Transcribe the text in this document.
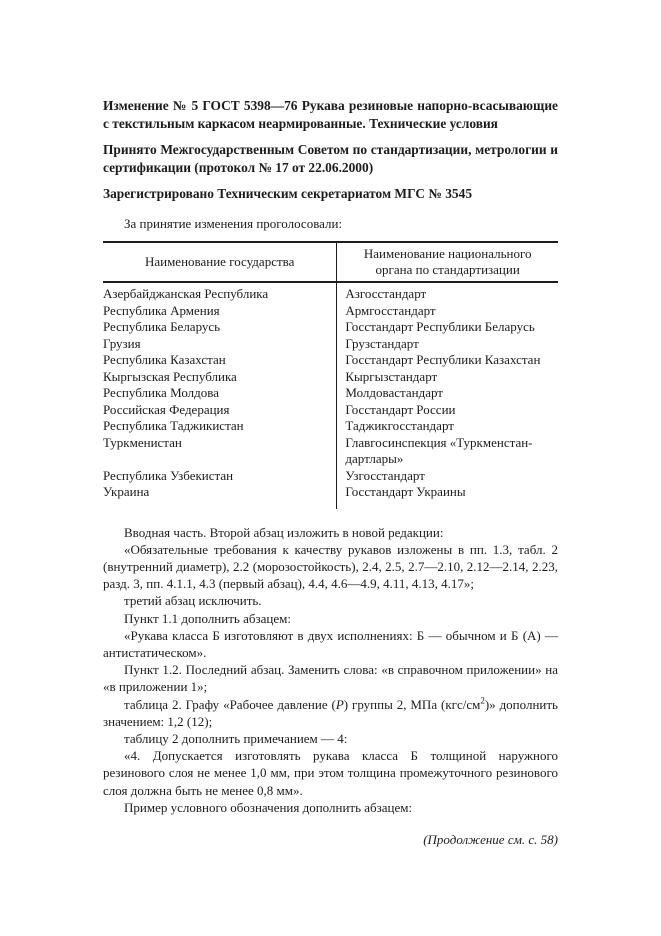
Изменение № 5 ГОСТ 5398—76 Рукава резиновые напорно-всасывающие с текстильным каркасом неармированные. Технические условия

Принято Межгосударственным Советом по стандартизации, метрологии и сертификации (протокол № 17 от 22.06.2000)

Зарегистрировано Техническим секретариатом МГС № 3545

За принятие изменения проголосовали:

Наименование государства	Наименование национального органа по стандартизации
Азербайджанская Республика	Азгосстандарт
Республика Армения	Армгосстандарт
Республика Беларусь	Госстандарт Республики Беларусь
Грузия	Грузстандарт
Республика Казахстан	Госстандарт Республики Казахстан
Кыргызская Республика	Кыргызстандарт
Республика Молдова	Молдовастандарт
Российская Федерация	Госстандарт России
Республика Таджикистан	Таджикгосстандарт
Туркменистан	Главгосинспекция «Туркменстан-дартлары»
Республика Узбекистан	Узгосстандарт
Украина	Госстандарт Украины

Вводная часть. Второй абзац изложить в новой редакции:

«Обязательные требования к качеству рукавов изложены в пп. 1.3, табл. 2 (внутренний диаметр), 2.2 (морозостойкость), 2.4, 2.5, 2.7—2.10, 2.12—2.14, 2.23, разд. 3, пп. 4.1.1, 4.3 (первый абзац), 4.4, 4.6—4.9, 4.11, 4.13, 4.17»;

третий абзац исключить.

Пункт 1.1 дополнить абзацем:

«Рукава класса Б изготовляют в двух исполнениях: Б — обычном и Б (А) — антистатическом».

Пункт 1.2. Последний абзац. Заменить слова: «в справочном приложении» на «в приложении 1»;

таблица 2. Графу «Рабочее давление (Р) группы 2, МПа $(кгс/см^2)$» дополнить значением: 1,2 (12);

таблицу 2 дополнить примечанием — 4:

«4. Допускается изготовлять рукава класса Б толщиной наружного резинового слоя не менее 1,0 мм, при этом толщина промежуточного резинового слоя должна быть не менее 0,8 мм».

Пример условного обозначения дополнить абзацем:

(Продолжение см. с. 58)
